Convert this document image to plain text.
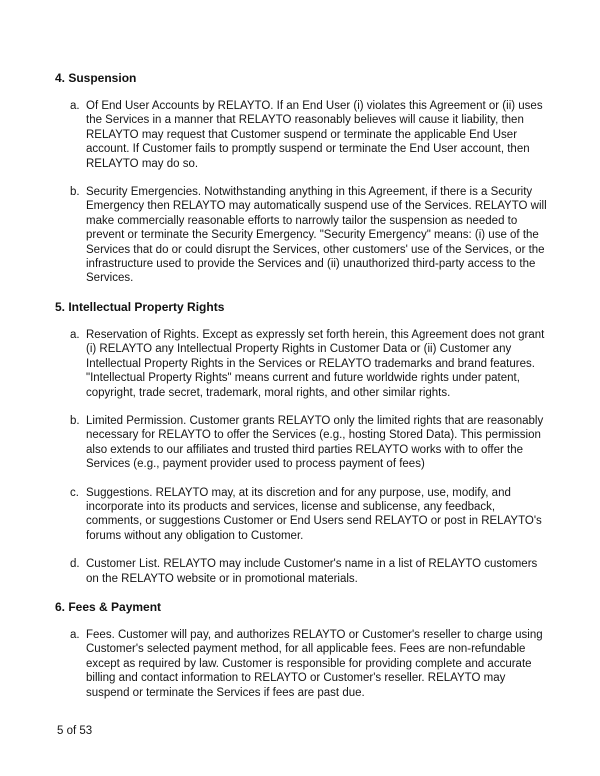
4. Suspension
a. Of End User Accounts by RELAYTO. If an End User (i) violates this Agreement or (ii) uses the Services in a manner that RELAYTO reasonably believes will cause it liability, then RELAYTO may request that Customer suspend or terminate the applicable End User account. If Customer fails to promptly suspend or terminate the End User account, then RELAYTO may do so.

b. Security Emergencies. Notwithstanding anything in this Agreement, if there is a Security Emergency then RELAYTO may automatically suspend use of the Services. RELAYTO will make commercially reasonable efforts to narrowly tailor the suspension as needed to prevent or terminate the Security Emergency. "Security Emergency" means: (i) use of the Services that do or could disrupt the Services, other customers' use of the Services, or the infrastructure used to provide the Services and (ii) unauthorized third-party access to the Services.

5. Intellectual Property Rights
a. Reservation of Rights. Except as expressly set forth herein, this Agreement does not grant (i) RELAYTO any Intellectual Property Rights in Customer Data or (ii) Customer any Intellectual Property Rights in the Services or RELAYTO trademarks and brand features. "Intellectual Property Rights" means current and future worldwide rights under patent, copyright, trade secret, trademark, moral rights, and other similar rights.

b. Limited Permission. Customer grants RELAYTO only the limited rights that are reasonably necessary for RELAYTO to offer the Services (e.g., hosting Stored Data). This permission also extends to our affiliates and trusted third parties RELAYTO works with to offer the Services (e.g., payment provider used to process payment of fees)

c. Suggestions. RELAYTO may, at its discretion and for any purpose, use, modify, and incorporate into its products and services, license and sublicense, any feedback, comments, or suggestions Customer or End Users send RELAYTO or post in RELAYTO's forums without any obligation to Customer.

d. Customer List. RELAYTO may include Customer's name in a list of RELAYTO customers on the RELAYTO website or in promotional materials.

6. Fees & Payment
a. Fees. Customer will pay, and authorizes RELAYTO or Customer's reseller to charge using Customer's selected payment method, for all applicable fees. Fees are non-refundable except as required by law. Customer is responsible for providing complete and accurate billing and contact information to RELAYTO or Customer's reseller. RELAYTO may suspend or terminate the Services if fees are past due.

5 of 53
